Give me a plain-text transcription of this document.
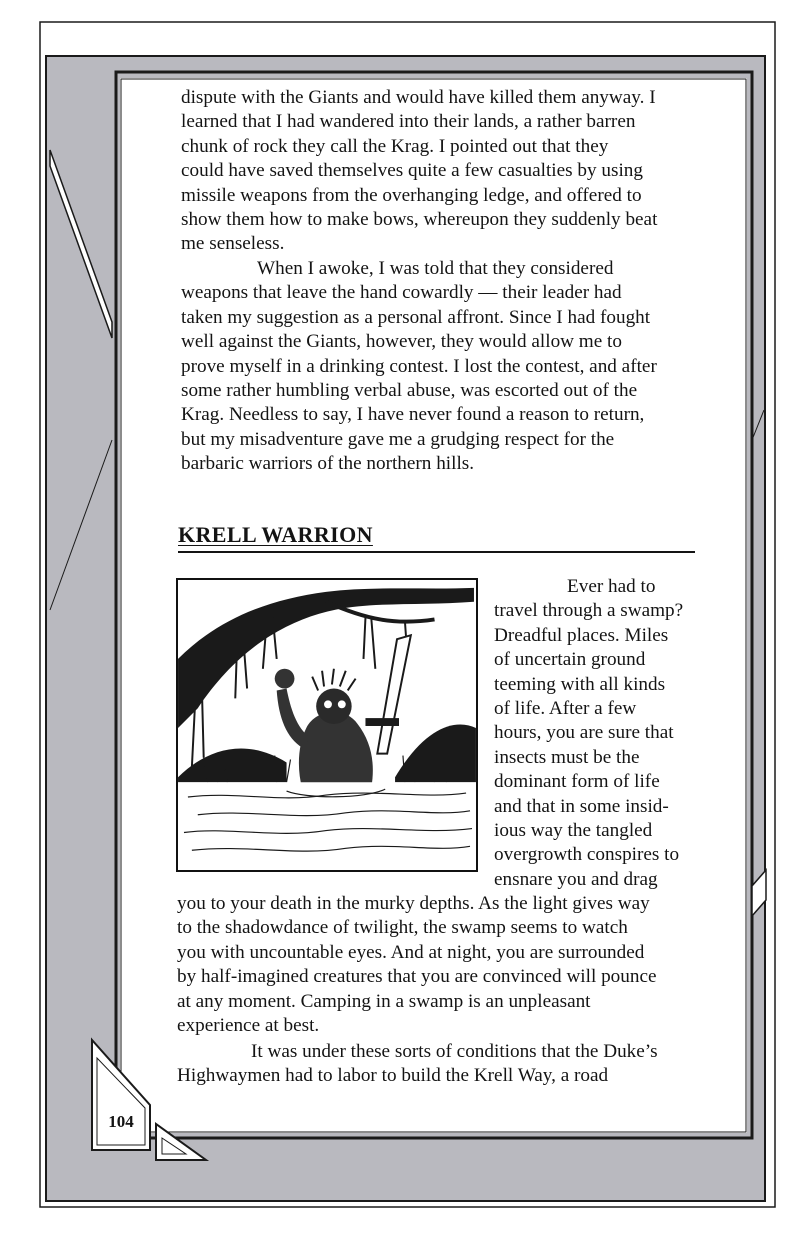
104

dispute with the Giants and would have killed them anyway. I
learned that I had wandered into their lands, a rather barren
chunk of rock they call the Krag. I pointed out that they
could have saved themselves quite a few casualties by using
missile weapons from the overhanging ledge, and offered to
show them how to make bows, whereupon they suddenly beat
me senseless.

When I awoke, I was told that they considered
weapons that leave the hand cowardly — their leader had
taken my suggestion as a personal affront. Since I had fought
well against the Giants, however, they would allow me to
prove myself in a drinking contest. I lost the contest, and after
some rather humbling verbal abuse, was escorted out of the
Krag. Needless to say, I have never found a reason to return,
but my misadventure gave me a grudging respect for the
barbaric warriors of the northern hills.

KRELL WARRION

Ever had to
travel through a swamp?
Dreadful places. Miles
of uncertain ground
teeming with all kinds
of life. After a few
hours, you are sure that
insects must be the
dominant form of life
and that in some insid-
ious way the tangled
overgrowth conspires to
ensnare you and drag

you to your death in the murky depths. As the light gives way
to the shadowdance of twilight, the swamp seems to watch
you with uncountable eyes. And at night, you are surrounded
by half-imagined creatures that you are convinced will pounce
at any moment. Camping in a swamp is an unpleasant
experience at best.

It was under these sorts of conditions that the Duke’s
Highwaymen had to labor to build the Krell Way, a road
